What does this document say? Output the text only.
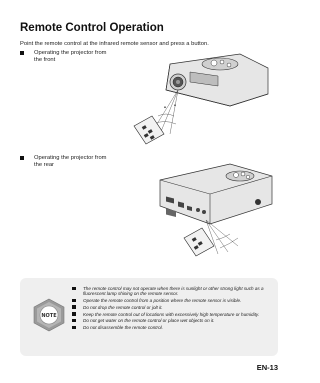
Remote Control Operation
Point the remote control at the infrared remote sensor and press a button.
Operating the projector from
the front
Operating the projector from
the rear
° °
NOTE
The remote control may not operate when there is sunlight or other strong light such as a fluorescent lamp shining on the remote sensor.
Operate the remote control from a position where the remote sensor is visible.
Do not drop the remote control or jolt it.
Keep the remote control out of locations with excessively high temperature or humidity.
Do not get water on the remote control or place wet objects on it.
Do not disassemble the remote control.
EN-13
